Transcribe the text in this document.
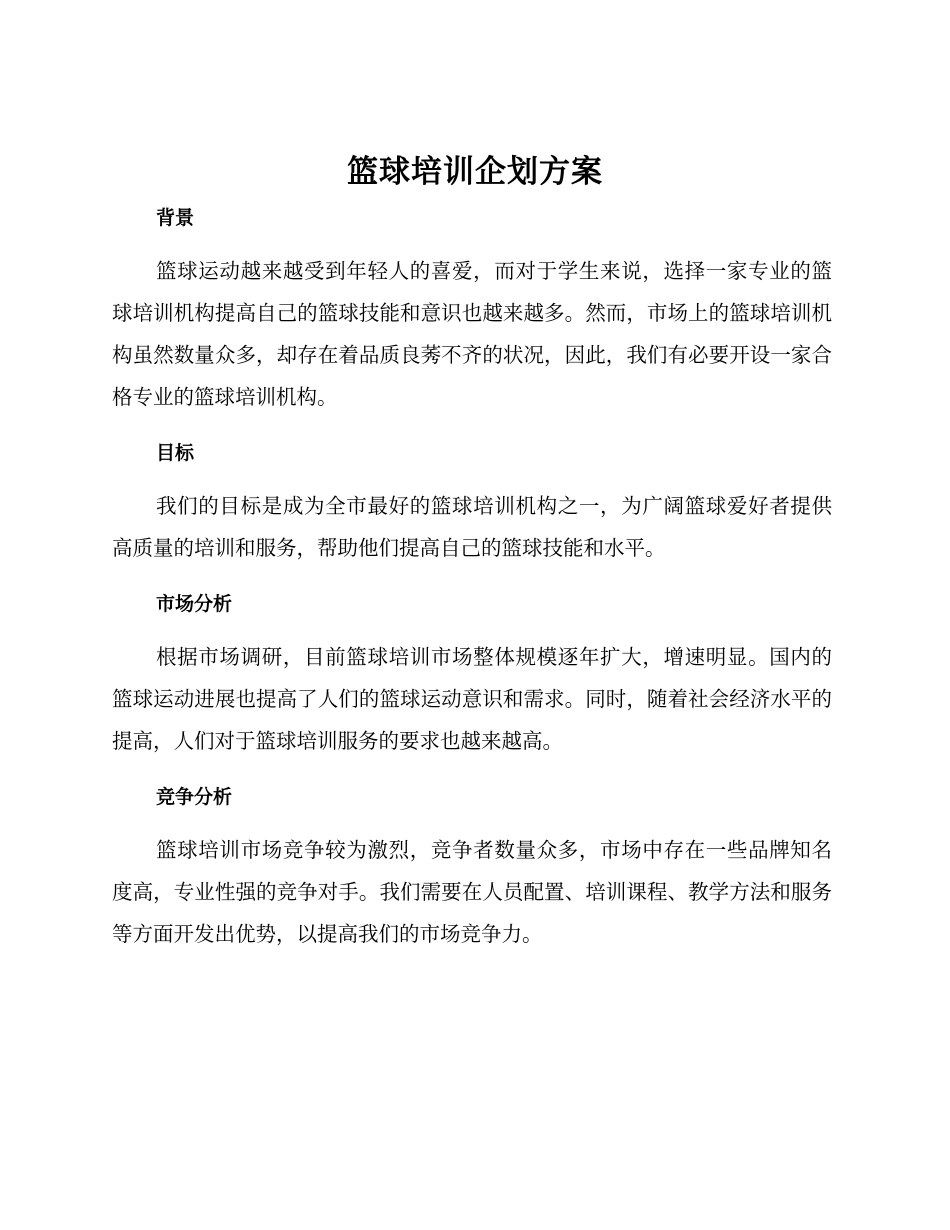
篮球培训企划方案
背景

篮球运动越来越受到年轻人的喜爱，而对于学生来说，选择一家专业的篮球培训机构提高自己的篮球技能和意识也越来越多。然而，市场上的篮球培训机构虽然数量众多，却存在着品质良莠不齐的状况，因此，我们有必要开设一家合格专业的篮球培训机构。

目标

我们的目标是成为全市最好的篮球培训机构之一，为广阔篮球爱好者提供高质量的培训和服务，帮助他们提高自己的篮球技能和水平。

市场分析

根据市场调研，目前篮球培训市场整体规模逐年扩大，增速明显。国内的篮球运动进展也提高了人们的篮球运动意识和需求。同时，随着社会经济水平的提高，人们对于篮球培训服务的要求也越来越高。

竞争分析

篮球培训市场竞争较为激烈，竞争者数量众多，市场中存在一些品牌知名度高，专业性强的竞争对手。我们需要在人员配置、培训课程、教学方法和服务等方面开发出优势，以提高我们的市场竞争力。
